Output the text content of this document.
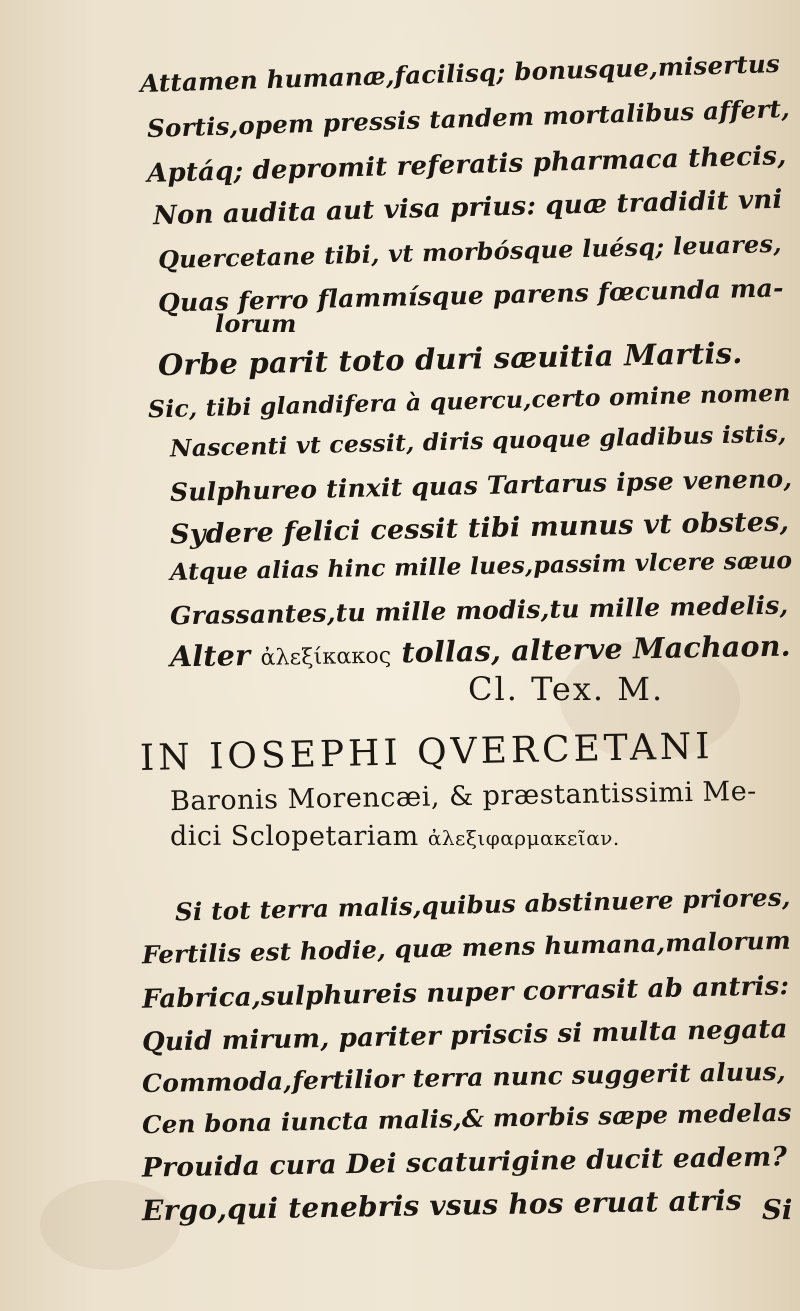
Attamen humanæ,facilisq; bonusque,misertus
Sortis,opem pressis tandem mortalibus affert,
Aptáq; depromit referatis pharmaca thecis,
Non audita aut visa prius: quæ tradidit vni
Quercetane tibi, vt morbósque luésq; leuares,
Quas ferro flammísque parens fœcunda ma-
lorum
Orbe parit toto duri sæuitia Martis.
Sic, tibi glandifera à quercu,certo omine nomen
Nascenti vt cessit, diris quoque gladibus istis,
Sulphureo tinxit quas Tartarus ipse veneno,
Sydere felici cessit tibi munus vt obstes,
Atque alias hinc mille lues,passim vlcere sæuo
Grassantes,tu mille modis,tu mille medelis,
Alter ἀλεξίκακος tollas, alterve Machaon.
Cl. Tex. M.
IN IOSEPHI QVERCETANI
Baronis Morencæi, & præstantissimi Me-
dici Sclopetariam ἀλεξιφαρμακεῖαν.
Si tot terra malis,quibus abstinuere priores,
Fertilis est hodie, quæ mens humana,malorum
Fabrica,sulphureis nuper corrasit ab antris:
Quid mirum, pariter priscis si multa negata
Commoda,fertilior terra nunc suggerit aluus,
Cen bona iuncta malis,& morbis sæpe medelas
Prouida cura Dei scaturigine ducit eadem?
Ergo,qui tenebris vsus hos eruat atris Si
